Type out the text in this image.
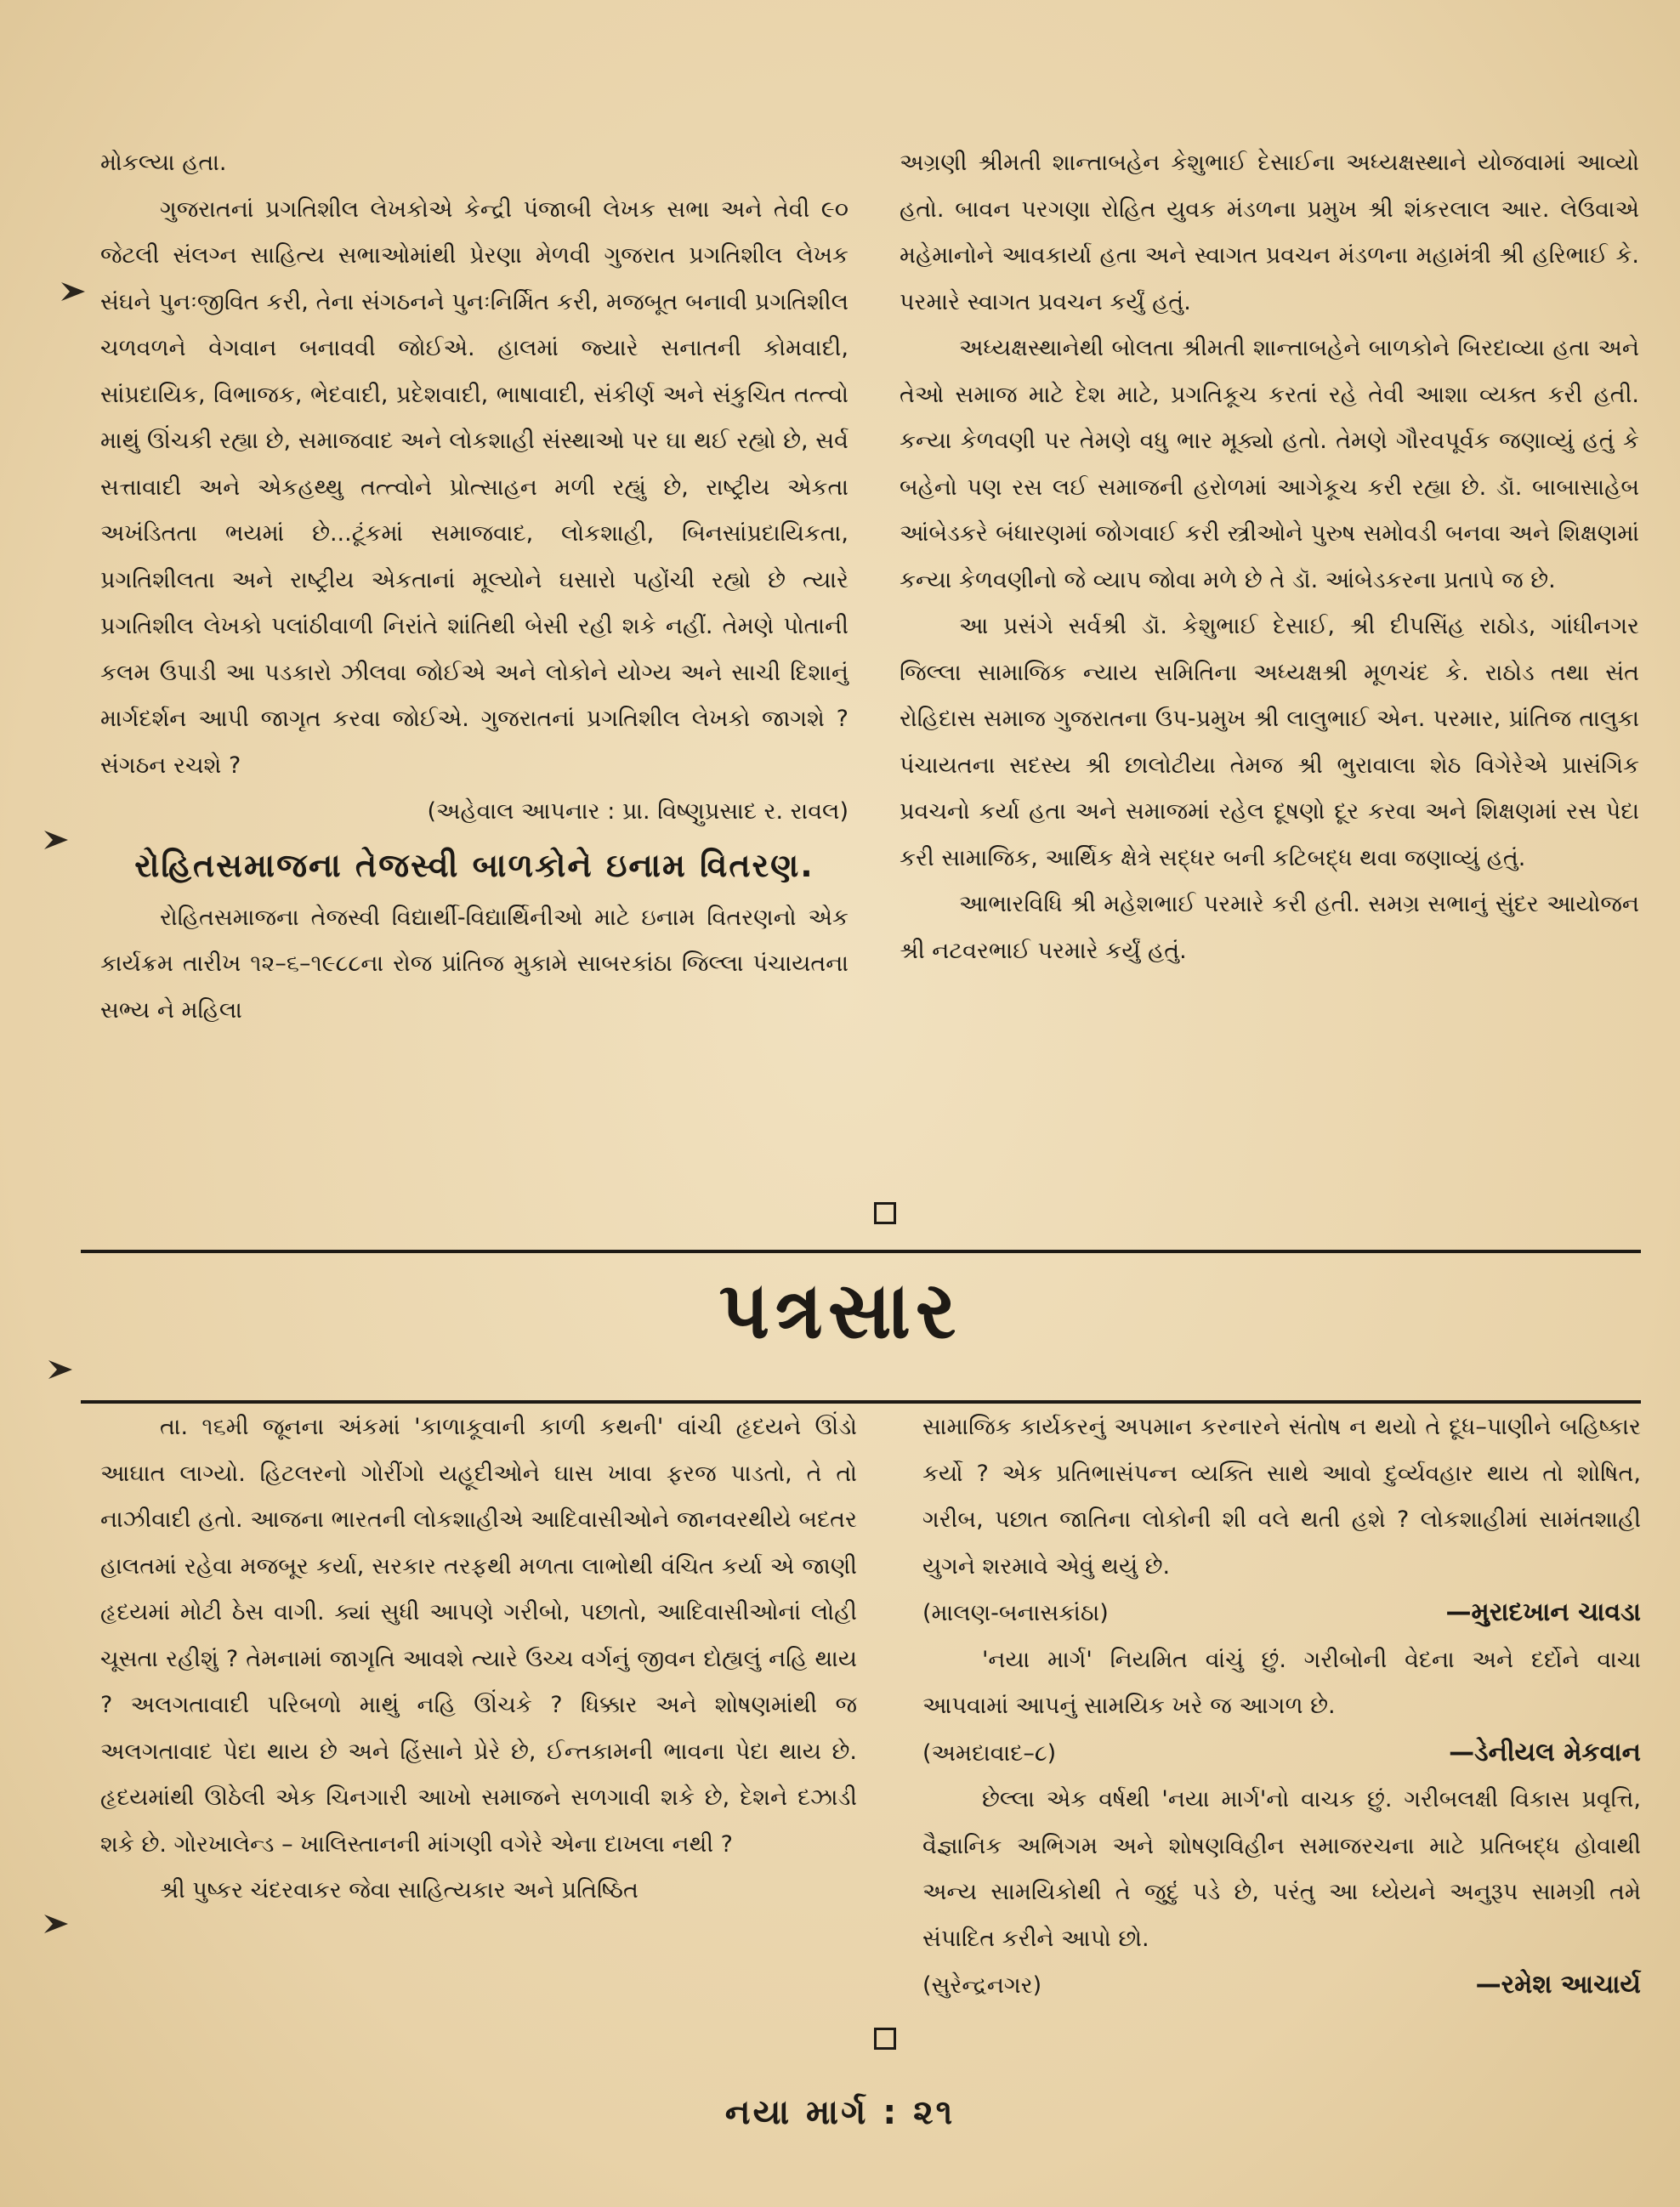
મોકલ્યા હતા.

ગુજરાતનાં પ્રગતિશીલ લેખકોએ કેન્દ્રી પંજાબી લેખક સભા અને તેવી ૯૦ જેટલી સંલગ્ન સાહિત્ય સભાઓમાંથી પ્રેરણા મેળવી ગુજરાત પ્રગતિશીલ લેખક સંઘને પુનઃજીવિત કરી, તેના સંગઠનને પુનઃનિર્મિત કરી, મજબૂત બનાવી પ્રગતિશીલ ચળવળને વેગવાન બનાવવી જોઈએ. હાલમાં જ્યારે સનાતની કોમવાદી, સાંપ્રદાયિક, વિભાજક, ભેદવાદી, પ્રદેશવાદી, ભાષાવાદી, સંકીર્ણ અને સંકુચિત તત્ત્વો માથું ઊંચકી રહ્યા છે, સમાજવાદ અને લોકશાહી સંસ્થાઓ પર ઘા થઈ રહ્યો છે, સર્વ સત્તાવાદી અને એકહથ્થુ તત્ત્વોને પ્રોત્સાહન મળી રહ્યું છે, રાષ્ટ્રીય એકતા અખંડિતતા ભયમાં છે...ટૂંકમાં સમાજવાદ, લોકશાહી, બિનસાંપ્રદાયિકતા, પ્રગતિશીલતા અને રાષ્ટ્રીય એકતાનાં મૂલ્યોને ઘસારો પહોંચી રહ્યો છે ત્યારે પ્રગતિશીલ લેખકો પલાંઠીવાળી નિરાંતે શાંતિથી બેસી રહી શકે નહીં. તેમણે પોતાની કલમ ઉપાડી આ પડકારો ઝીલવા જોઈએ અને લોકોને યોગ્ય અને સાચી દિશાનું માર્ગદર્શન આપી જાગૃત કરવા જોઈએ. ગુજરાતનાં પ્રગતિશીલ લેખકો જાગશે ? સંગઠન રચશે ?

(અહેવાલ આપનાર : પ્રા. વિષ્ણુપ્રસાદ ર. રાવલ)

રોહિતસમાજના તેજસ્વી બાળકોને ઇનામ વિતરણ.

રોહિતસમાજના તેજસ્વી વિદ્યાર્થી-વિદ્યાર્થિનીઓ માટે ઇનામ વિતરણનો એક કાર્યક્રમ તારીખ ૧૨–૬–૧૯૮૮ના રોજ પ્રાંતિજ મુકામે સાબરકાંઠા જિલ્લા પંચાયતના સભ્ય ને મહિલા

અગ્રણી શ્રીમતી શાન્તાબહેન કેશુભાઈ દેસાઈના અધ્યક્ષસ્થાને યોજવામાં આવ્યો હતો. બાવન પરગણા રોહિત યુવક મંડળના પ્રમુખ શ્રી શંકરલાલ આર. લેઉવાએ મહેમાનોને આવકાર્યા હતા અને સ્વાગત પ્રવચન મંડળના મહામંત્રી શ્રી હરિભાઈ કે. પરમારે સ્વાગત પ્રવચન કર્યું હતું.

અધ્યક્ષસ્થાનેથી બોલતા શ્રીમતી શાન્તાબહેને બાળકોને બિરદાવ્યા હતા અને તેઓ સમાજ માટે દેશ માટે, પ્રગતિકૂચ કરતાં રહે તેવી આશા વ્યક્ત કરી હતી. કન્યા કેળવણી પર તેમણે વધુ ભાર મૂક્યો હતો. તેમણે ગૌરવપૂર્વક જણાવ્યું હતું કે બહેનો પણ રસ લઈ સમાજની હરોળમાં આગેકૂચ કરી રહ્યા છે. ડૉ. બાબાસાહેબ આંબેડકરે બંધારણમાં જોગવાઈ કરી સ્ત્રીઓને પુરુષ સમોવડી બનવા અને શિક્ષણમાં કન્યા કેળવણીનો જે વ્યાપ જોવા મળે છે તે ડૉ. આંબેડકરના પ્રતાપે જ છે.

આ પ્રસંગે સર્વશ્રી ડૉ. કેશુભાઈ દેસાઈ, શ્રી દીપસિંહ રાઠોડ, ગાંધીનગર જિલ્લા સામાજિક ન્યાય સમિતિના અધ્યક્ષશ્રી મૂળચંદ કે. રાઠોડ તથા સંત રોહિદાસ સમાજ ગુજરાતના ઉપ-પ્રમુખ શ્રી લાલુભાઈ એન. પરમાર, પ્રાંતિજ તાલુકા પંચાયતના સદસ્ય શ્રી છાલોટીયા તેમજ શ્રી ભુરાવાલા શેઠ વિગેરેએ પ્રાસંગિક પ્રવચનો કર્યા હતા અને સમાજમાં રહેલ દૂષણો દૂર કરવા અને શિક્ષણમાં રસ પેદા કરી સામાજિક, આર્થિક ક્ષેત્રે સદ્ધર બની કટિબદ્ધ થવા જણાવ્યું હતું.

આભારવિધિ શ્રી મહેશભાઈ પરમારે કરી હતી. સમગ્ર સભાનું સુંદર આયોજન શ્રી નટવરભાઈ પરમારે કર્યું હતું.

પત્રસાર

તા. ૧૬મી જૂનના અંકમાં 'કાળાકૂવાની કાળી કથની' વાંચી હૃદયને ઊંડો આઘાત લાગ્યો. હિટલરનો ગોરીંગો યહૂદીઓને ઘાસ ખાવા ફરજ પાડતો, તે તો નાઝીવાદી હતો. આજના ભારતની લોકશાહીએ આદિવાસીઓને જાનવરથીયે બદતર હાલતમાં રહેવા મજબૂર કર્યા, સરકાર તરફથી મળતા લાભોથી વંચિત કર્યા એ જાણી હૃદયમાં મોટી ઠેસ વાગી. ક્યાં સુધી આપણે ગરીબો, પછાતો, આદિવાસીઓનાં લોહી ચૂસતા રહીશું ? તેમનામાં જાગૃતિ આવશે ત્યારે ઉચ્ચ વર્ગનું જીવન દોહ્યલું નહિ થાય ? અલગતાવાદી પરિબળો માથું નહિ ઊંચકે ? ધિક્કાર અને શોષણમાંથી જ અલગતાવાદ પેદા થાય છે અને હિંસાને પ્રેરે છે, ઈન્તકામની ભાવના પેદા થાય છે. હૃદયમાંથી ઊઠેલી એક ચિનગારી આખો સમાજને સળગાવી શકે છે, દેશને દઝાડી શકે છે. ગોરખાલેન્ડ – ખાલિસ્તાનની માંગણી વગેરે એના દાખલા નથી ?

શ્રી પુષ્કર ચંદરવાકર જેવા સાહિત્યકાર અને પ્રતિષ્ઠિત

સામાજિક કાર્યકરનું અપમાન કરનારને સંતોષ ન થયો તે દૂધ–પાણીને બહિષ્કાર કર્યો ? એક પ્રતિભાસંપન્ન વ્યક્તિ સાથે આવો દુર્વ્યવહાર થાય તો શોષિત, ગરીબ, પછાત જાતિના લોકોની શી વલે થતી હશે ? લોકશાહીમાં સામંતશાહી યુગને શરમાવે એવું થયું છે.

(માલણ-બનાસકાંઠા)	—મુરાદખાન ચાવડા

'નયા માર્ગ' નિયમિત વાંચું છું. ગરીબોની વેદના અને દર્દોને વાચા આપવામાં આપનું સામયિક ખરે જ આગળ છે.

(અમદાવાદ–૮)	—ડેનીયલ મેકવાન

છેલ્લા એક વર્ષથી 'નયા માર્ગ'નો વાચક છું. ગરીબલક્ષી વિકાસ પ્રવૃત્તિ, વૈજ્ઞાનિક અભિગમ અને શોષણવિહીન સમાજરચના માટે પ્રતિબદ્ધ હોવાથી અન્ય સામયિકોથી તે જુદું પડે છે, પરંતુ આ ધ્યેયને અનુરૂપ સામગ્રી તમે સંપાદિત કરીને આપો છો.

(સુરેન્દ્રનગર)	—રમેશ આચાર્ય
નયા માર્ગ : ૨૧
